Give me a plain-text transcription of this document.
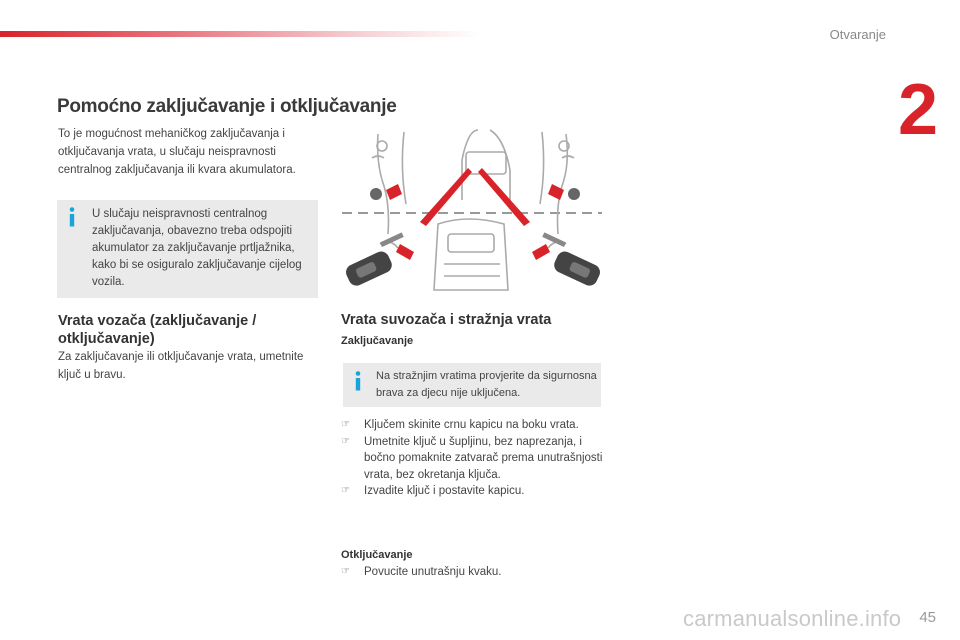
Otvaranje
2
Pomoćno zaključavanje i otključavanje

To je mogućnost mehaničkog zaključavanja i otključavanja vrata, u slučaju neispravnosti centralnog zaključavanja ili kvara akumulatora.

U slučaju neispravnosti centralnog zaključavanja, obavezno treba odspojiti akumulator za zaključavanje prtljažnika, kako bi se osiguralo zaključavanje cijelog vozila.

Vrata vozača (zaključavanje / otključavanje)

Za zaključavanje ili otključavanje vrata, umetnite ključ u bravu.

Vrata suvozača i stražnja vrata
Zaključavanje

Na stražnjim vratima provjerite da sigurnosna brava za djecu nije uključena.

☞ Ključem skinite crnu kapicu na boku vrata.
☞ Umetnite ključ u šupljinu, bez naprezanja, i bočno pomaknite zatvarač prema unutrašnjosti vrata, bez okretanja ključa.
☞ Izvadite ključ i postavite kapicu.
Otključavanje
☞ Povucite unutrašnju kvaku.
45
carmanualsonline.info
